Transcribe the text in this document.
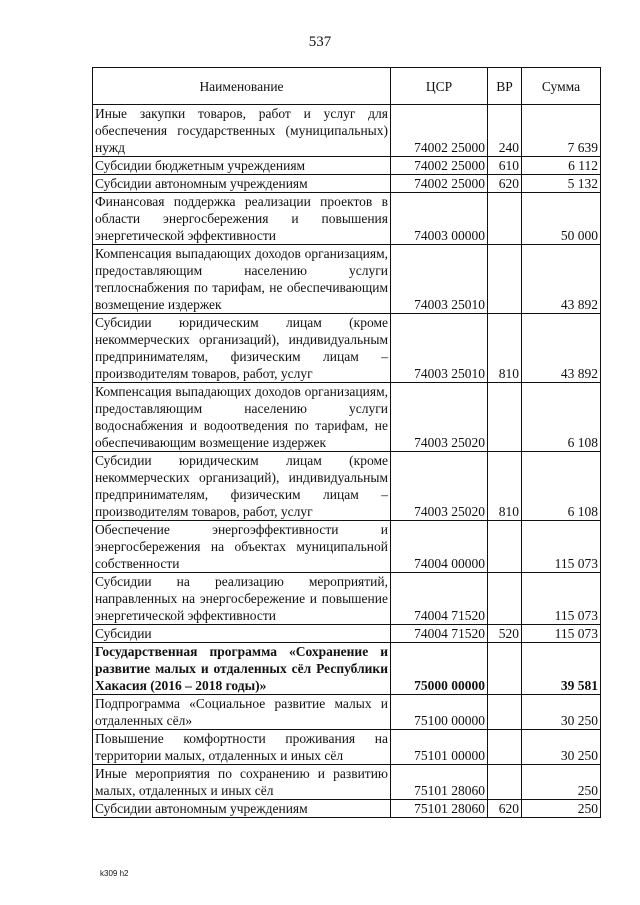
537
Наименование	ЦСР	ВР	Сумма
Иные закупки товаров, работ и услуг для обеспечения государственных (муниципальных) нужд	74002 25000	240	7 639
Субсидии бюджетным учреждениям	74002 25000	610	6 112
Субсидии автономным учреждениям	74002 25000	620	5 132
Финансовая поддержка реализации проектов в области энергосбережения и повышения энергетической эффективности	74003 00000		50 000
Компенсация выпадающих доходов организациям, предоставляющим населению услуги теплоснабжения по тарифам, не обеспечивающим возмещение издержек	74003 25010		43 892
Субсидии юридическим лицам (кроме некоммерческих организаций), индивидуальным предпринимателям, физическим лицам – производителям товаров, работ, услуг	74003 25010	810	43 892
Компенсация выпадающих доходов организациям, предоставляющим населению услуги водоснабжения и водоотведения по тарифам, не обеспечивающим возмещение издержек	74003 25020		6 108
Субсидии юридическим лицам (кроме некоммерческих организаций), индивидуальным предпринимателям, физическим лицам – производителям товаров, работ, услуг	74003 25020	810	6 108
Обеспечение энергоэффективности и энергосбережения на объектах муниципальной собственности	74004 00000		115 073
Субсидии на реализацию мероприятий, направленных на энергосбережение и повышение энергетической эффективности	74004 71520		115 073
Субсидии	74004 71520	520	115 073
Государственная программа «Сохранение и развитие малых и отдаленных сёл Республики Хакасия (2016 – 2018 годы)»	75000 00000		39 581
Подпрограмма «Социальное развитие малых и отдаленных сёл»	75100 00000		30 250
Повышение комфортности проживания на территории малых, отдаленных и иных сёл	75101 00000		30 250
Иные мероприятия по сохранению и развитию малых, отдаленных и иных сёл	75101 28060		250
Субсидии автономным учреждениям	75101 28060	620	250
k309 h2
